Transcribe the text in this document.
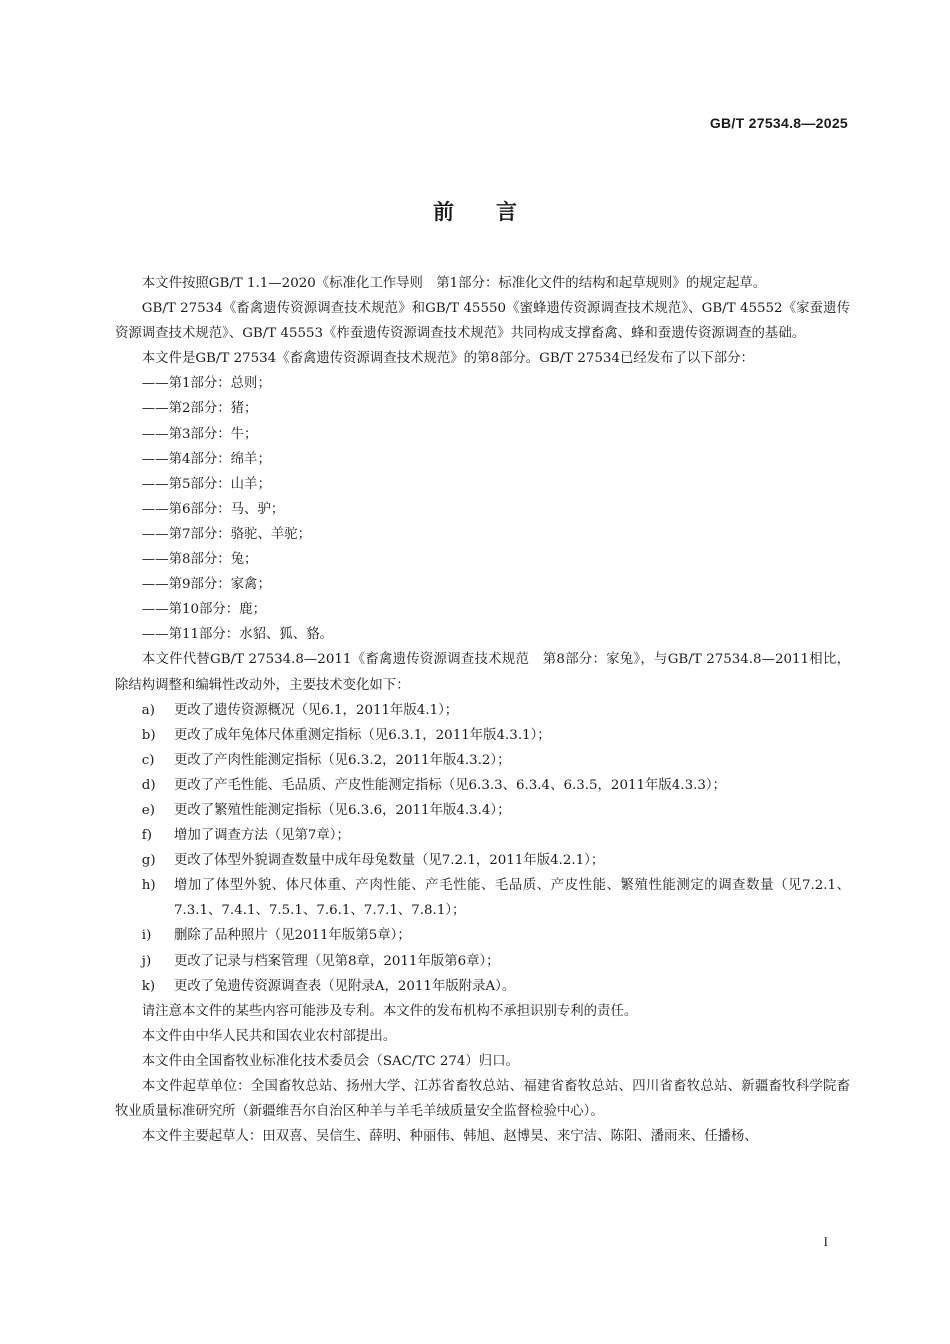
GB/T 27534.8—2025
前　　言

本文件按照GB/T 1.1—2020《标准化工作导则　第1部分：标准化文件的结构和起草规则》的规定起草。

GB/T 27534《畜禽遗传资源调查技术规范》和GB/T 45550《蜜蜂遗传资源调查技术规范》、GB/T 45552《家蚕遗传资源调查技术规范》、GB/T 45553《柞蚕遗传资源调查技术规范》共同构成支撑畜禽、蜂和蚕遗传资源调查的基础。

本文件是GB/T 27534《畜禽遗传资源调查技术规范》的第8部分。GB/T 27534已经发布了以下部分：

—— 第1部分：总则；
—— 第2部分：猪；
—— 第3部分：牛；
—— 第4部分：绵羊；
—— 第5部分：山羊；
—— 第6部分：马、驴；
—— 第7部分：骆驼、羊驼；
—— 第8部分：兔；
—— 第9部分：家禽；
—— 第10部分：鹿；
—— 第11部分：水貂、狐、貉。

本文件代替GB/T 27534.8—2011《畜禽遗传资源调查技术规范　第8部分：家兔》，与GB/T 27534.8—2011相比，除结构调整和编辑性改动外，主要技术变化如下：

a)	更改了遗传资源概况（见6.1，2011年版4.1）；
b)	更改了成年兔体尺体重测定指标（见6.3.1，2011年版4.3.1）；
c)	更改了产肉性能测定指标（见6.3.2，2011年版4.3.2）；
d)	更改了产毛性能、毛品质、产皮性能测定指标（见6.3.3、6.3.4、6.3.5，2011年版4.3.3）；
e)	更改了繁殖性能测定指标（见6.3.6，2011年版4.3.4）；
f)	增加了调查方法（见第7章）；
g)	更改了体型外貌调查数量中成年母兔数量（见7.2.1，2011年版4.2.1）；
h)	增加了体型外貌、体尺体重、产肉性能、产毛性能、毛品质、产皮性能、繁殖性能测定的调查数量（见7.2.1、7.3.1、7.4.1、7.5.1、7.6.1、7.7.1、7.8.1）；
i)	删除了品种照片（见2011年版第5章）；
j)	更改了记录与档案管理（见第8章，2011年版第6章）；
k)	更改了兔遗传资源调查表（见附录A，2011年版附录A）。

请注意本文件的某些内容可能涉及专利。本文件的发布机构不承担识别专利的责任。

本文件由中华人民共和国农业农村部提出。

本文件由全国畜牧业标准化技术委员会（SAC/TC 274）归口。

本文件起草单位：全国畜牧总站、扬州大学、江苏省畜牧总站、福建省畜牧总站、四川省畜牧总站、新疆畜牧科学院畜牧业质量标准研究所（新疆维吾尔自治区种羊与羊毛羊绒质量安全监督检验中心）。

本文件主要起草人：田双喜、吴信生、薛明、种丽伟、韩旭、赵博昊、来宁洁、陈阳、潘雨来、任播杨、

I
